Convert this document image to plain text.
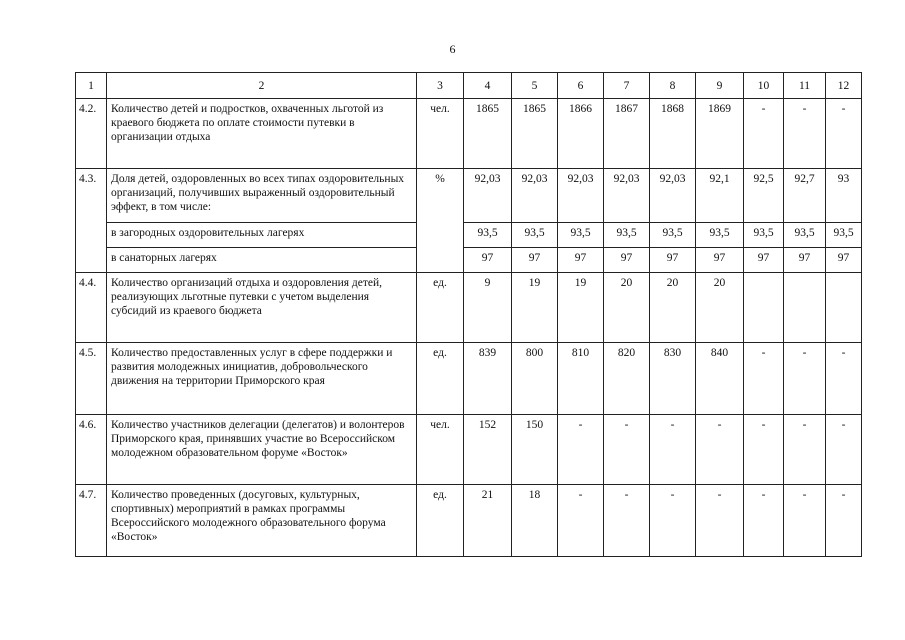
6
1	2	3	4	5	6	7	8	9	10	11	12
4.2.	Количество детей и подростков, охваченных льготой из краевого бюджета по оплате стоимости путевки в организации отдыха	чел.	1865	1865	1866	1867	1868	1869	-	-	-
4.3.	Доля детей, оздоровленных во всех типах оздоровительных организаций, получивших выраженный оздоровительный эффект, в том числе:	%	92,03	92,03	92,03	92,03	92,03	92,1	92,5	92,7	93
	в загородных оздоровительных лагерях		93,5	93,5	93,5	93,5	93,5	93,5	93,5	93,5	93,5
	в санаторных лагерях		97	97	97	97	97	97	97	97	97
4.4.	Количество организаций отдыха и оздоровления детей, реализующих льготные путевки с учетом выделения субсидий из краевого бюджета	ед.	9	19	19	20	20	20			
4.5.	Количество предоставленных услуг в сфере поддержки и развития молодежных инициатив, добровольческого движения на территории Приморского края	ед.	839	800	810	820	830	840	-	-	-
4.6.	Количество участников делегации (делегатов) и волонтеров Приморского края, принявших участие во Всероссийском молодежном образовательном форуме «Восток»	чел.	152	150	-	-	-	-	-	-	-
4.7.	Количество проведенных (досуговых, культурных, спортивных) мероприятий в рамках программы Всероссийского молодежного образовательного форума «Восток»	ед.	21	18	-	-	-	-	-	-	-
